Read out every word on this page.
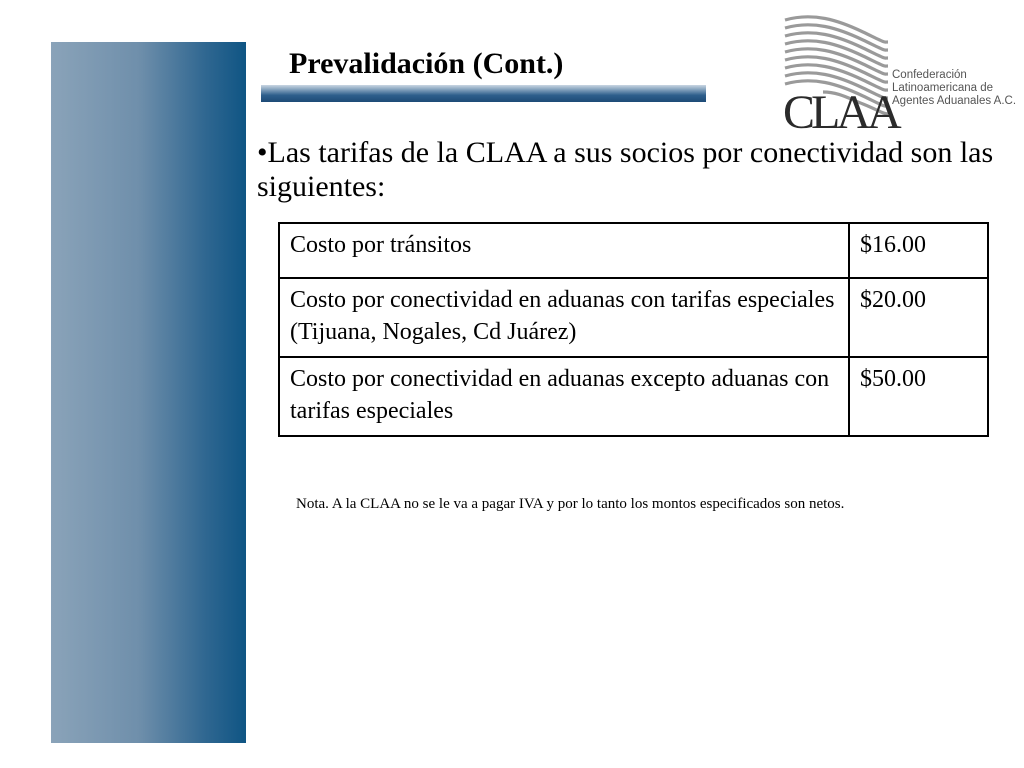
Prevalidación (Cont.)
CLAA
Confederación
Latinoamericana de
Agentes Aduanales A.C.
•Las tarifas de la CLAA a sus socios por conectividad son las siguientes:
Costo por tránsitos	$16.00
Costo por conectividad en aduanas con tarifas especiales (Tijuana, Nogales, Cd Juárez)	$20.00
Costo por conectividad en aduanas excepto aduanas con tarifas especiales	$50.00
Nota. A la CLAA no se le va a pagar IVA y por lo tanto los montos especificados son netos.
